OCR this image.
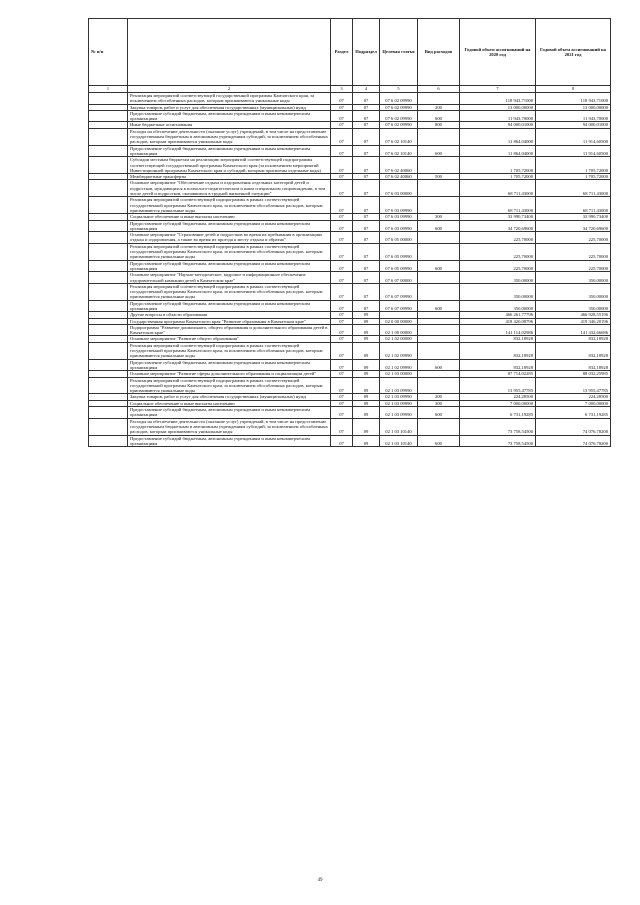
№ п/п		Раздел	Подраздел	Целевая статья	Вид расходов	Годовой объем ассигнований на 2020 год	Годовой объем ассигнований на 2021 год
1	2	3	4	5	6	7	8
	Реализация мероприятий соответствующей государственной программы Камчатского края, за исключением обособленных расходов, которым присваиваются уникальные коды	07	07	07 6 02 09990		118 943,71000	118 943,71000
	Закупка товаров, работ и услуг для обеспечения государственных (муниципальных) нужд	07	07	07 6 02 09990	200	13 000,00000	13 000,00000
	Предоставление субсидий бюджетным, автономным учреждениям и иным некоммерческим организациям	07	07	07 6 02 09990	600	11 943,70000	11 943,70000
	Иные бюджетные ассигнования	07	07	07 6 02 09990	800	94 000,01000	94 000,01000
	Расходы на обеспечение деятельности (оказание услуг) учреждений, в том числе на предоставление государственным бюджетным и автономным учреждениям субсидий, за исключением обособленных расходов, которым присваиваются уникальные коды	07	07	07 6 02 10140		11 864,04000	11 914,60500
	Предоставление субсидий бюджетным, автономным учреждениям и иным некоммерческим организациям	07	07	07 6 02 10140	600	11 864,04000	11 914,60500
	Субсидии местным бюджетам на реализацию мероприятий соответствующей подпрограммы соответствующей государственной программы Камчатского края (за исключением мероприятий Инвестиционной программы Камчатского края и субсидий, которым присвоены отдельные коды)	07	07	07 6 02 40060		1 705,72000	1 705,72000
	Межбюджетные трансферты	07	07	07 6 02 40060	500	1 705,72000	1 705,72000
	Основное мероприятие "Обеспечение отдыха и оздоровления отдельных категорий детей и подростков, нуждающихся в психолого-педагогическом и ином специальном сопровождении, в том числе детей и подростков, оказавшихся в трудной жизненной ситуации"	07	07	07 6 03 00000		68 711,43000	68 711,43000
	Реализация мероприятий соответствующей подпрограммы в рамках соответствующей государственной программы Камчатского края, за исключением обособленных расходов, которым присваиваются уникальные коды	07	07	07 6 03 09990		68 711,43000	68 711,43000
	Социальное обеспечение и иные выплаты населению	07	07	07 6 03 09990	300	33 990,73400	33 990,73400
	Предоставление субсидий бюджетным, автономным учреждениям и иным некоммерческим организациям	07	07	07 6 03 09990	600	34 720,69600	34 720,69600
	Основное мероприятие "Страхование детей и подростков во время их пребывания в организациях отдыха и оздоровления, а также во время их проезда к месту отдыха и обратно"	07	07	07 6 05 00000		225,70000	225,70000
	Реализация мероприятий соответствующей подпрограммы в рамках соответствующей государственной программы Камчатского края, за исключением обособленных расходов, которым присваиваются уникальные коды	07	07	07 6 05 09990		225,70000	225,70000
	Предоставление субсидий бюджетным, автономным учреждениям и иным некоммерческим организациям	07	07	07 6 05 09990	600	225,70000	225,70000
	Основное мероприятие "Научно-методическое, кадровое и информационное обеспечение оздоровительной кампании детей в Камчатском крае"	07	07	07 6 07 00000		350,00000	350,00000
	Реализация мероприятий соответствующей подпрограммы в рамках соответствующей государственной программы Камчатского края, за исключением обособленных расходов, которым присваиваются уникальные коды	07	07	07 6 07 09990		350,00000	350,00000
	Предоставление субсидий бюджетным, автономным учреждениям и иным некоммерческим организациям	07	07	07 6 07 09990	600	350,00000	350,00000
	Другие вопросы в области образования	07	09			466 261,77796	466 928,55196
	Государственная программа Камчатского края "Развитие образования в Камчатском крае"	07	09	02 0 00 00000		418 420,08796	419 346,20196
	Подпрограмма "Развитие дошкольного, общего образования и дополнительного образования детей в Камчатском крае"	07	09	02 1 00 00000		141 114,02986	141 432,66686
	Основное мероприятие "Развитие общего образования"	07	09	02 1 02 00000		832,18928	832,18928
	Реализация мероприятий соответствующей подпрограммы в рамках соответствующей государственной программы Камчатского края, за исключением обособленных расходов, которым присваиваются уникальные коды	07	09	02 1 02 09990		832,18928	832,18928
	Предоставление субсидий бюджетным, автономным учреждениям и иным некоммерческим организациям	07	09	02 1 02 09990	600	832,18928	832,18928
	Основное мероприятие "Развитие сферы дополнительного образования и социализации детей"	07	09	02 1 03 00000		87 714,02285	88 032,25985
	Реализация мероприятий соответствующей подпрограммы в рамках соответствующей государственной программы Камчатского края, за исключением обособленных расходов, которым присваиваются уникальные коды	07	09	02 1 03 09990		13 955,47785	13 955,47785
	Закупка товаров, работ и услуг для обеспечения государственных (муниципальных) нужд	07	09	02 1 03 09990	200	224,28500	224,28500
	Социальное обеспечение и иные выплаты населению	07	09	02 1 03 09990	300	7 000,00000	7 000,00000
	Предоставление субсидий бюджетным, автономным учреждениям и иным некоммерческим организациям	07	09	02 1 03 09990	600	6 731,19285	6 731,19285
	Расходы на обеспечение деятельности (оказание услуг) учреждений, в том числе на предоставление государственным бюджетным и автономным учреждениям субсидий, за исключением обособленных расходов, которым присваиваются уникальные коды	07	09	02 1 03 10140		73 758,54500	74 076,78200
	Предоставление субсидий бюджетным, автономным учреждениям и иным некоммерческим организациям	07	09	02 1 03 10140	600	73 758,54500	74 076,78200
49
